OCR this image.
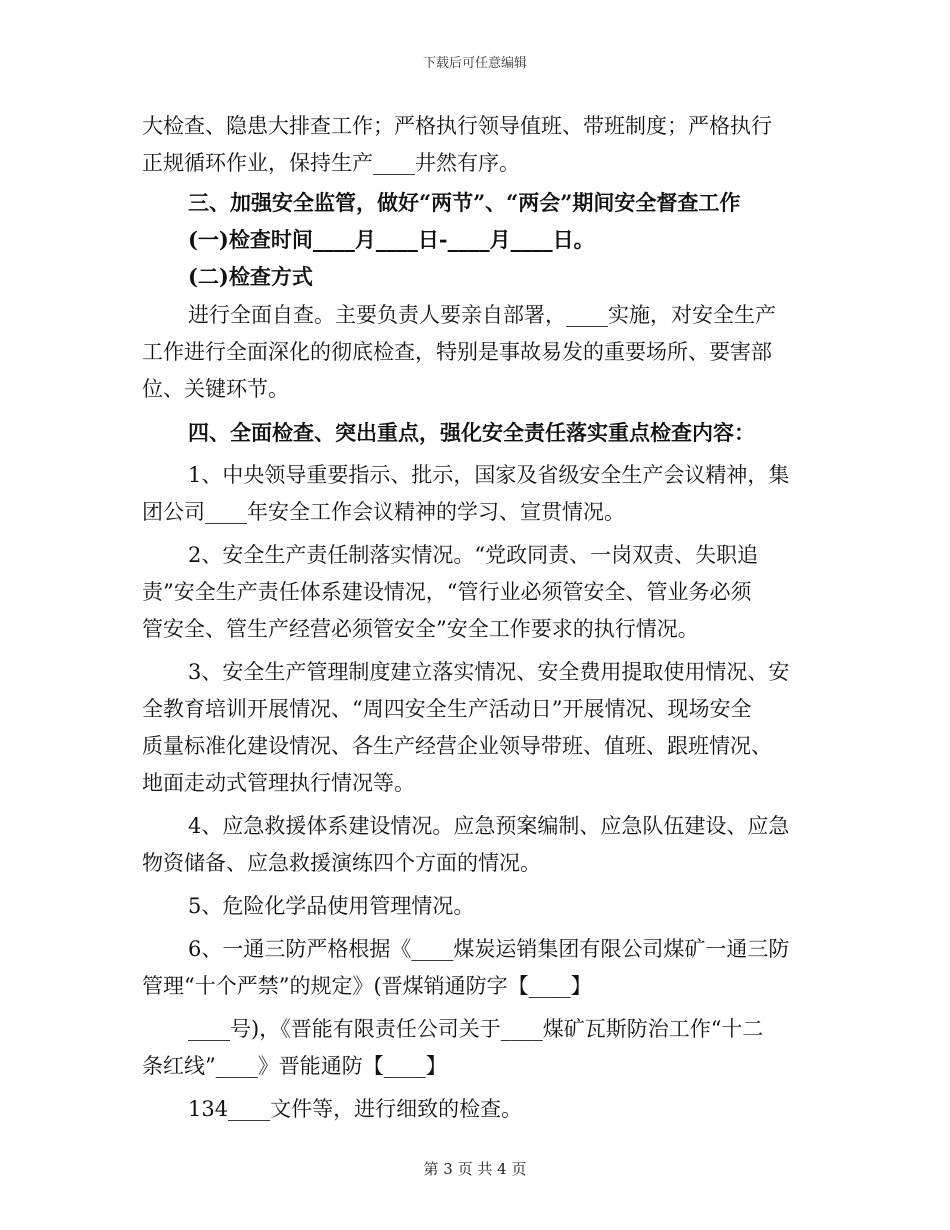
下载后可任意编辑
大检查、隐患大排查工作；严格执行领导值班、带班制度；严格执行
正规循环作业，保持生产____井然有序。
三、加强安全监管，做好“两节”、“两会”期间安全督查工作
(一)检查时间____月____日-____月____日。
(二)检查方式
进行全面自查。主要负责人要亲自部署，____实施，对安全生产
工作进行全面深化的彻底检查，特别是事故易发的重要场所、要害部
位、关键环节。
四、全面检查、突出重点，强化安全责任落实重点检查内容：
1、中央领导重要指示、批示，国家及省级安全生产会议精神，集
团公司____年安全工作会议精神的学习、宣贯情况。
2、安全生产责任制落实情况。“党政同责、一岗双责、失职追
责”安全生产责任体系建设情况，“管行业必须管安全、管业务必须
管安全、管生产经营必须管安全”安全工作要求的执行情况。
3、安全生产管理制度建立落实情况、安全费用提取使用情况、安
全教育培训开展情况、“周四安全生产活动日”开展情况、现场安全
质量标准化建设情况、各生产经营企业领导带班、值班、跟班情况、
地面走动式管理执行情况等。
4、应急救援体系建设情况。应急预案编制、应急队伍建设、应急
物资储备、应急救援演练四个方面的情况。
5、危险化学品使用管理情况。
6、一通三防严格根据《____煤炭运销集团有限公司煤矿一通三防
管理“十个严禁”的规定》(晋煤销通防字【____】
____号)，《晋能有限责任公司关于____煤矿瓦斯防治工作“十二
条红线”____》晋能通防【____】
134____文件等，进行细致的检查。
第 3 页 共 4 页
